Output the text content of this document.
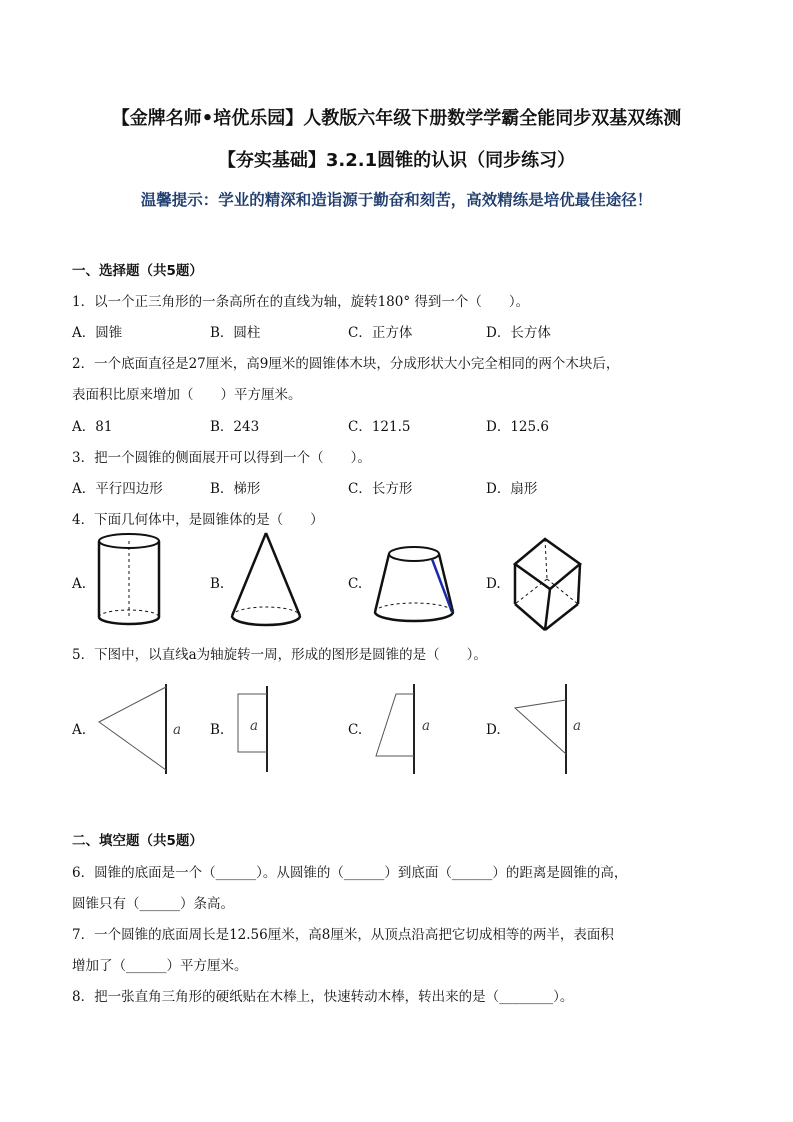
【金牌名师•培优乐园】人教版六年级下册数学学霸全能同步双基双练测
【夯实基础】3.2.1圆锥的认识（同步练习）
温馨提示：学业的精深和造诣源于勤奋和刻苦，高效精练是培优最佳途径！
一、选择题（共5题）
1．以一个正三角形的一条高所在的直线为轴，旋转180° 得到一个（　　）。
A．圆锥	B．圆柱	C．正方体	D．长方体
2．一个底面直径是27厘米，高9厘米的圆锥体木块，分成形状大小完全相同的两个木块后，
表面积比原来增加（　　）平方厘米。
A．81	B．243	C．121.5	D．125.6
3．把一个圆锥的侧面展开可以得到一个（　　）。
A．平行四边形	B．梯形	C．长方形	D．扇形
4．下面几何体中，是圆锥体的是（　　）
A.	B.	C.	D.
5．下图中，以直线a为轴旋转一周，形成的图形是圆锥的是（　　）。
A.	a B. a	C.	a	D.	a
二、填空题（共5题）
6．圆锥的底面是一个（______）。从圆锥的（______）到底面（______）的距离是圆锥的高，
圆锥只有（______）条高。
7．一个圆锥的底面周长是12.56厘米，高8厘米，从顶点沿高把它切成相等的两半，表面积
增加了（______）平方厘米。
8．把一张直角三角形的硬纸贴在木棒上，快速转动木棒，转出来的是（________）。
